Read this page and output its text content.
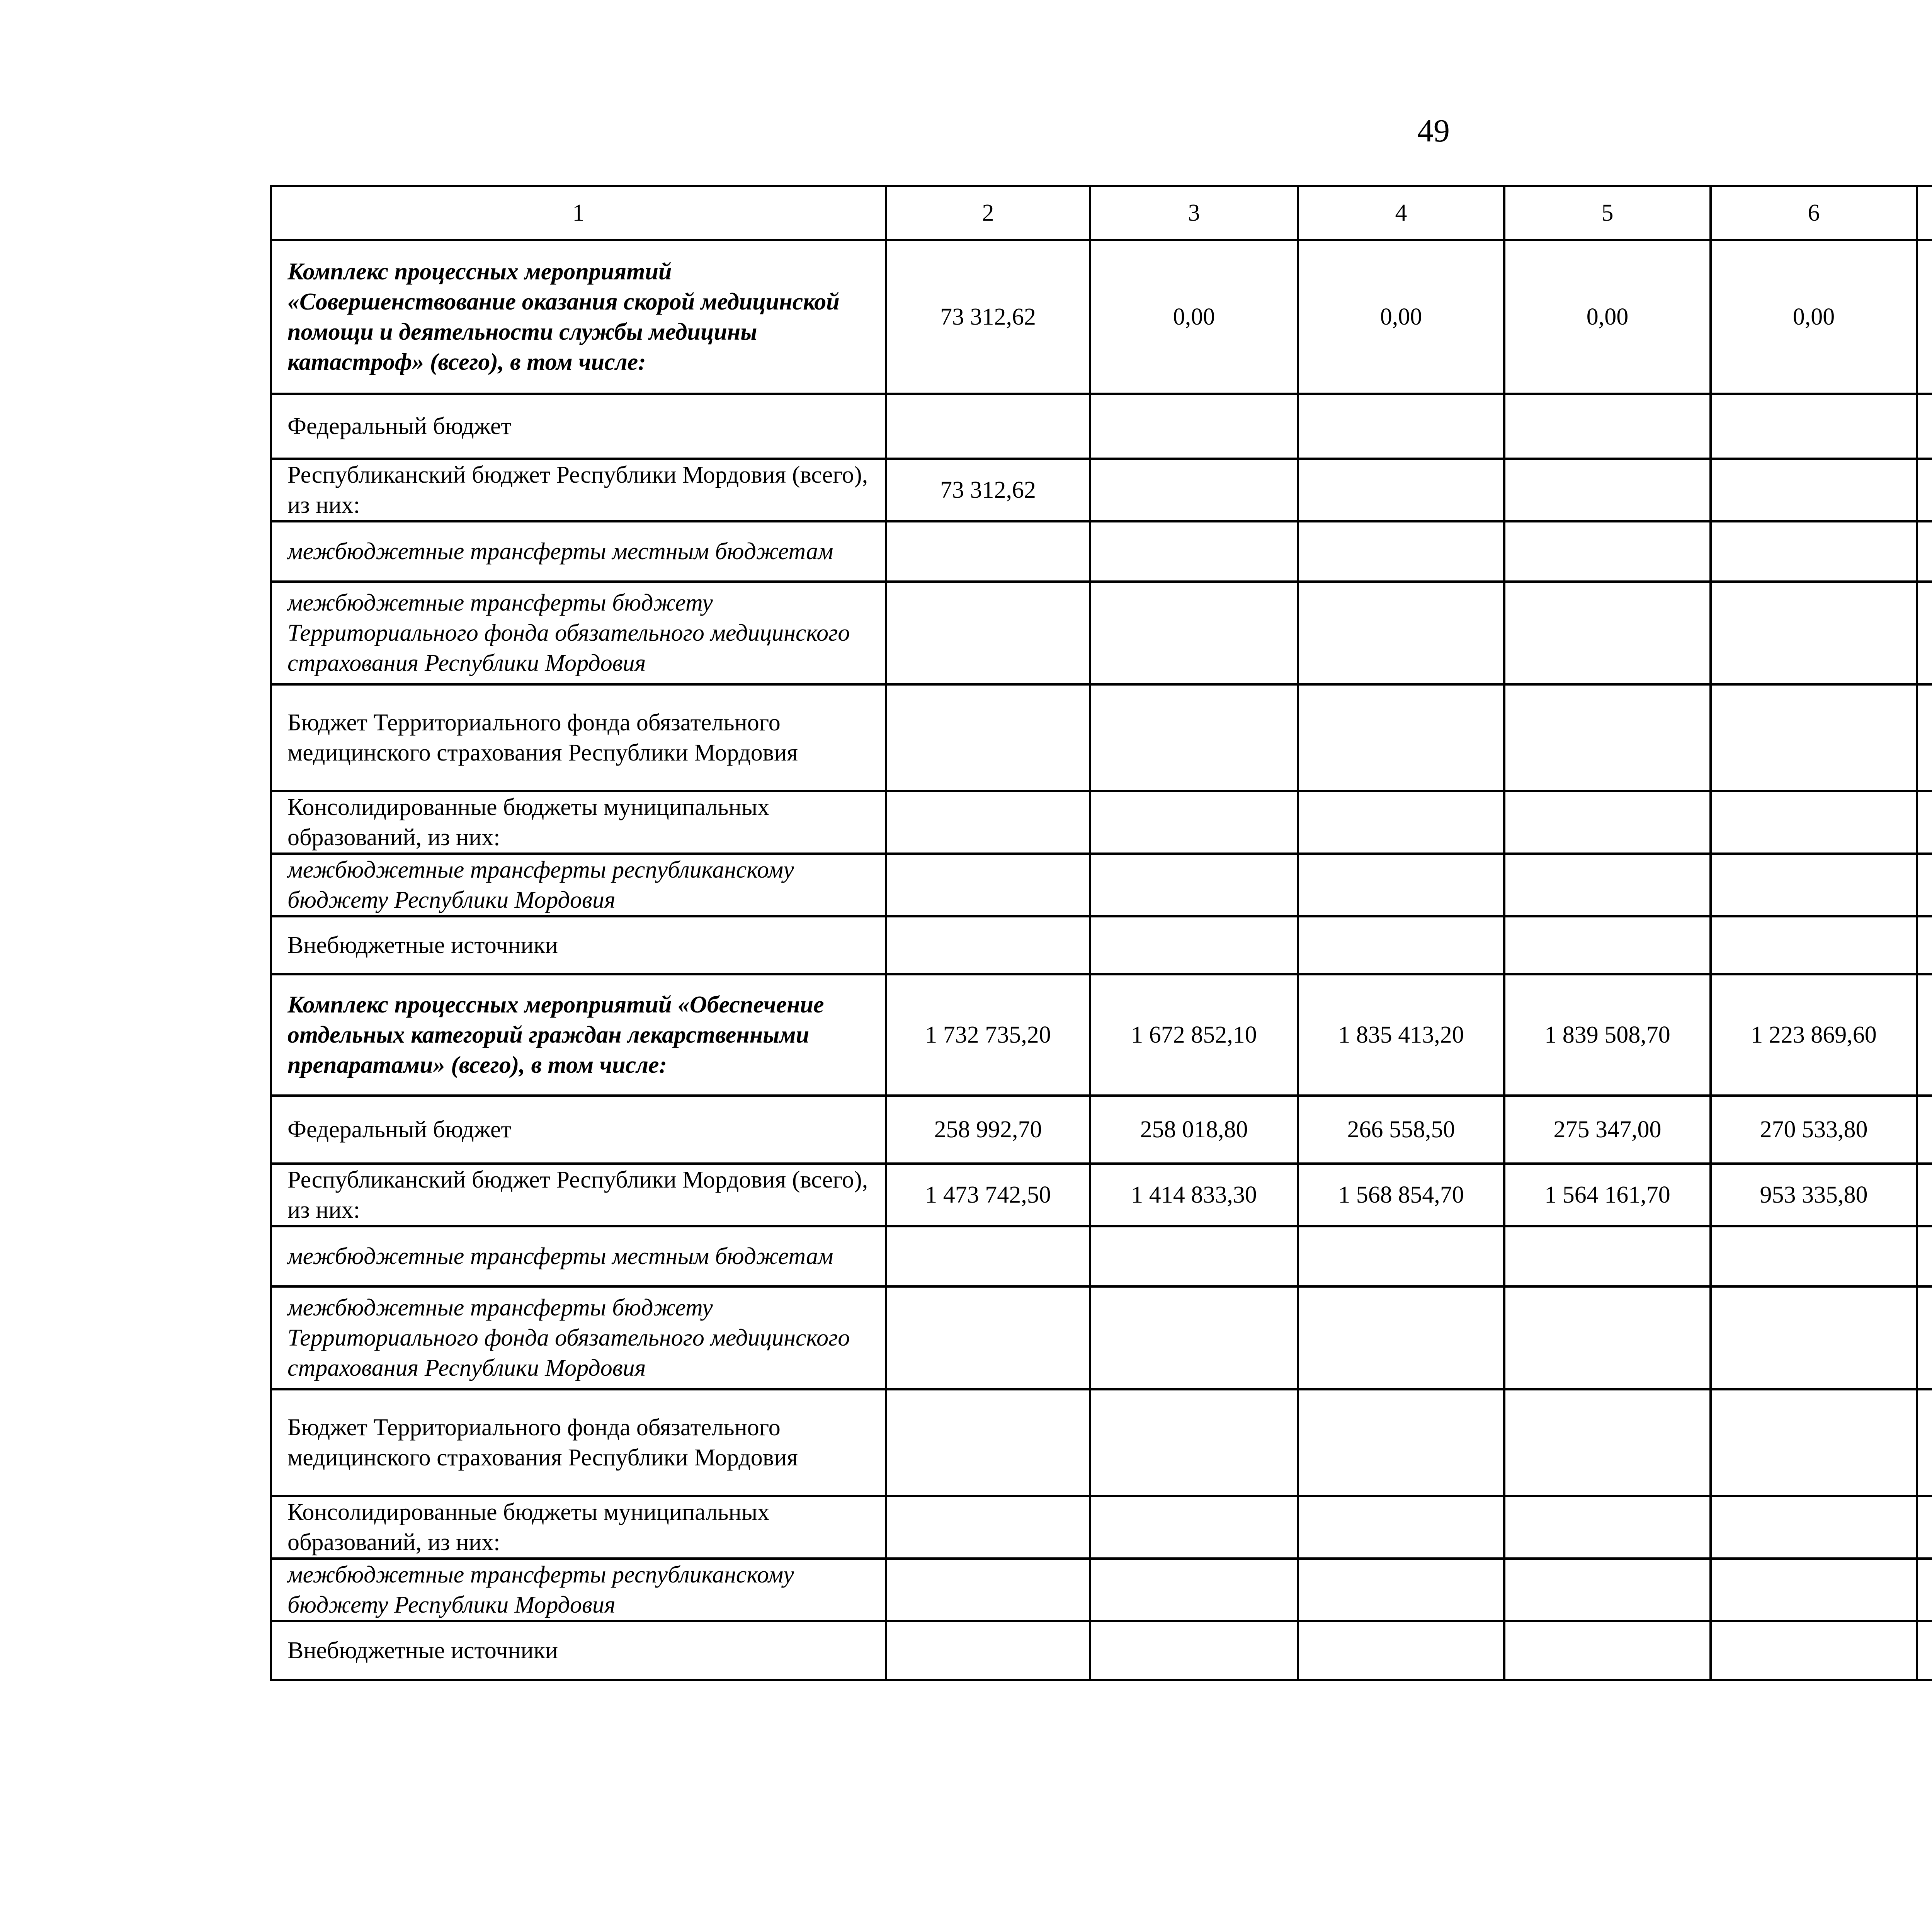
49
1	2	3	4	5	6			
Комплекс процессных мероприятий «Совершенствование оказания скорой медицинской помощи и деятельности службы медицины катастроф» (всего), в том числе:	73 312,62	0,00	0,00	0,00	0,00			
Федеральный бюджет								
Республиканский бюджет Республики Мордовия (всего), из них:	73 312,62							
межбюджетные трансферты местным бюджетам								
межбюджетные трансферты бюджету Территориального фонда обязательного медицинского страхования Республики Мордовия								
Бюджет Территориального фонда обязательного медицинского страхования Республики Мордовия								
Консолидированные бюджеты муниципальных образований, из них:								
межбюджетные трансферты республиканскому бюджету Республики Мордовия								
Внебюджетные источники								
Комплекс процессных мероприятий «Обеспечение отдельных категорий граждан лекарственными препаратами» (всего), в том числе:	1 732 735,20	1 672 852,10	1 835 413,20	1 839 508,70	1 223 869,60			
Федеральный бюджет	258 992,70	258 018,80	266 558,50	275 347,00	270 533,80			
Республиканский бюджет Республики Мордовия (всего), из них:	1 473 742,50	1 414 833,30	1 568 854,70	1 564 161,70	953 335,80			
межбюджетные трансферты местным бюджетам								
межбюджетные трансферты бюджету Территориального фонда обязательного медицинского страхования Республики Мордовия								
Бюджет Территориального фонда обязательного медицинского страхования Республики Мордовия								
Консолидированные бюджеты муниципальных образований, из них:								
межбюджетные трансферты республиканскому бюджету Республики Мордовия								
Внебюджетные источники								
